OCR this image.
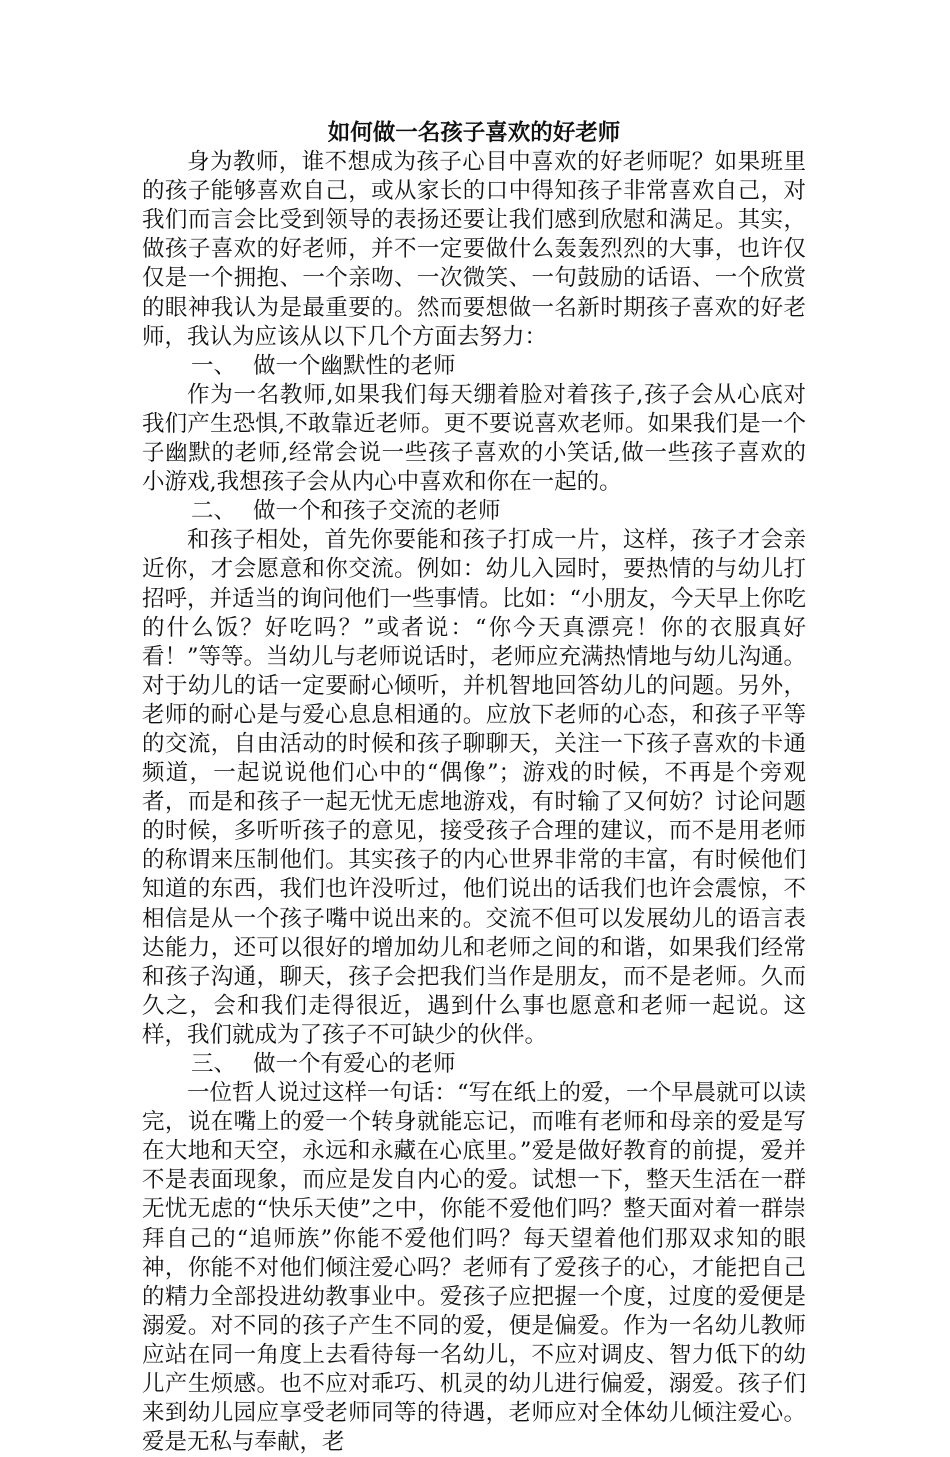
如何做一名孩子喜欢的好老师

身为教师，谁不想成为孩子心目中喜欢的好老师呢？如果班里的孩子能够喜欢自己，或从家长的口中得知孩子非常喜欢自己，对我们而言会比受到领导的表扬还要让我们感到欣慰和满足。其实，做孩子喜欢的好老师，并不一定要做什么轰轰烈烈的大事，也许仅仅是一个拥抱、一个亲吻、一次微笑、一句鼓励的话语、一个欣赏的眼神我认为是最重要的。然而要想做一名新时期孩子喜欢的好老师，我认为应该从以下几个方面去努力：

一、 做一个幽默性的老师

作为一名教师,如果我们每天绷着脸对着孩子,孩子会从心底对我们产生恐惧,不敢靠近老师。更不要说喜欢老师。如果我们是一个子幽默的老师,经常会说一些孩子喜欢的小笑话,做一些孩子喜欢的小游戏,我想孩子会从内心中喜欢和你在一起的。

二、 做一个和孩子交流的老师

和孩子相处，首先你要能和孩子打成一片，这样，孩子才会亲近你，才会愿意和你交流。例如：幼儿入园时，要热情的与幼儿打招呼，并适当的询问他们一些事情。比如：“小朋友，今天早上你吃的什么饭？好吃吗？”或者说：“你今天真漂亮！你的衣服真好看！”等等。当幼儿与老师说话时，老师应充满热情地与幼儿沟通。对于幼儿的话一定要耐心倾听，并机智地回答幼儿的问题。另外，老师的耐心是与爱心息息相通的。应放下老师的心态，和孩子平等的交流，自由活动的时候和孩子聊聊天，关注一下孩子喜欢的卡通频道，一起说说他们心中的“偶像”；游戏的时候，不再是个旁观者，而是和孩子一起无忧无虑地游戏，有时输了又何妨？讨论问题的时候，多听听孩子的意见，接受孩子合理的建议，而不是用老师的称谓来压制他们。其实孩子的内心世界非常的丰富，有时候他们知道的东西，我们也许没听过，他们说出的话我们也许会震惊，不相信是从一个孩子嘴中说出来的。交流不但可以发展幼儿的语言表达能力，还可以很好的增加幼儿和老师之间的和谐，如果我们经常和孩子沟通，聊天，孩子会把我们当作是朋友，而不是老师。久而久之，会和我们走得很近，遇到什么事也愿意和老师一起说。这样，我们就成为了孩子不可缺少的伙伴。

三、 做一个有爱心的老师

一位哲人说过这样一句话：“写在纸上的爱，一个早晨就可以读完，说在嘴上的爱一个转身就能忘记，而唯有老师和母亲的爱是写在大地和天空，永远和永藏在心底里。”爱是做好教育的前提，爱并不是表面现象，而应是发自内心的爱。试想一下，整天生活在一群无忧无虑的“快乐天使”之中，你能不爱他们吗？整天面对着一群崇拜自己的“追师族”你能不爱他们吗？每天望着他们那双求知的眼神，你能不对他们倾注爱心吗？老师有了爱孩子的心，才能把自己的精力全部投进幼教事业中。爱孩子应把握一个度，过度的爱便是溺爱。对不同的孩子产生不同的爱，便是偏爱。作为一名幼儿教师应站在同一角度上去看待每一名幼儿，不应对调皮、智力低下的幼儿产生烦感。也不应对乖巧、机灵的幼儿进行偏爱，溺爱。孩子们来到幼儿园应享受老师同等的待遇，老师应对全体幼儿倾注爱心。爱是无私与奉献，老
